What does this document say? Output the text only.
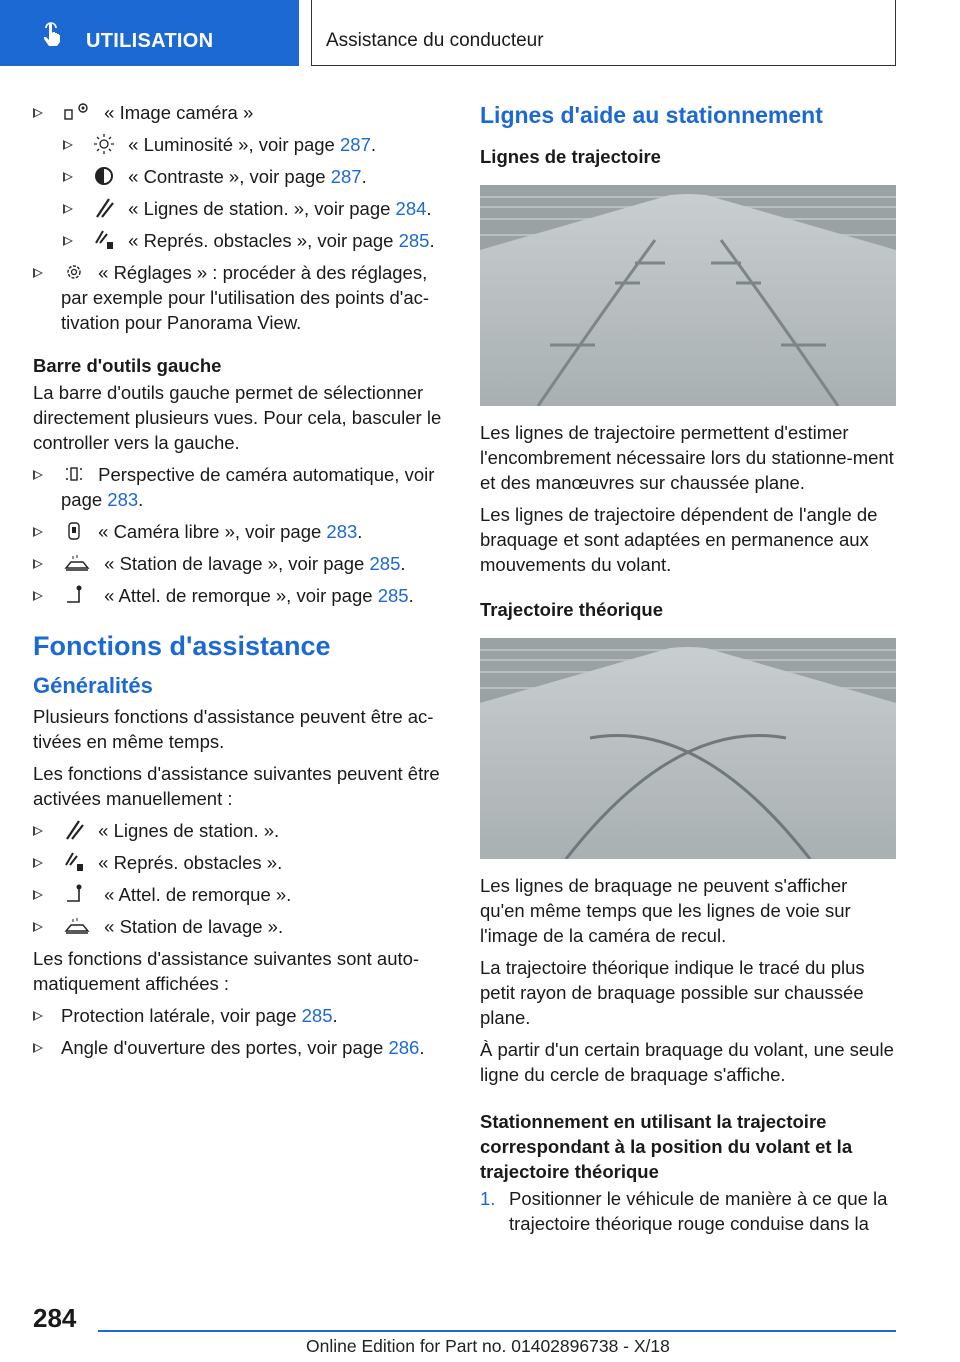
UTILISATION	Assistance du conducteur
« Image caméra »
« Luminosité », voir page 287.
« Contraste », voir page 287.
« Lignes de station. », voir page 284.
« Représ. obstacles », voir page 285.
« Réglages » : procéder à des réglages, par exemple pour l'utilisation des points d'ac-tivation pour Panorama View.
Barre d'outils gauche

La barre d'outils gauche permet de sélectionner directement plusieurs vues. Pour cela, basculer le controller vers la gauche.

Perspective de caméra automatique, voir page 283.
« Caméra libre », voir page 283.
« Station de lavage », voir page 285.
« Attel. de remorque », voir page 285.
Fonctions d'assistance
Généralités

Plusieurs fonctions d'assistance peuvent être ac-tivées en même temps.

Les fonctions d'assistance suivantes peuvent être activées manuellement :

« Lignes de station. ».
« Représ. obstacles ».
« Attel. de remorque ».
« Station de lavage ».

Les fonctions d'assistance suivantes sont auto-matiquement affichées :

Protection latérale, voir page 285.
Angle d'ouverture des portes, voir page 286.
Lignes d'aide au stationnement
Lignes de trajectoire

Les lignes de trajectoire permettent d'estimer l'encombrement nécessaire lors du stationne-ment et des manœuvres sur chaussée plane.

Les lignes de trajectoire dépendent de l'angle de braquage et sont adaptées en permanence aux mouvements du volant.

Trajectoire théorique

Les lignes de braquage ne peuvent s'afficher qu'en même temps que les lignes de voie sur l'image de la caméra de recul.

La trajectoire théorique indique le tracé du plus petit rayon de braquage possible sur chaussée plane.

À partir d'un certain braquage du volant, une seule ligne du cercle de braquage s'affiche.

Stationnement en utilisant la trajectoire correspondant à la position du volant et la trajectoire théorique
1. Positionner le véhicule de manière à ce que la trajectoire théorique rouge conduise dans la
284
Online Edition for Part no. 01402896738 - X/18
